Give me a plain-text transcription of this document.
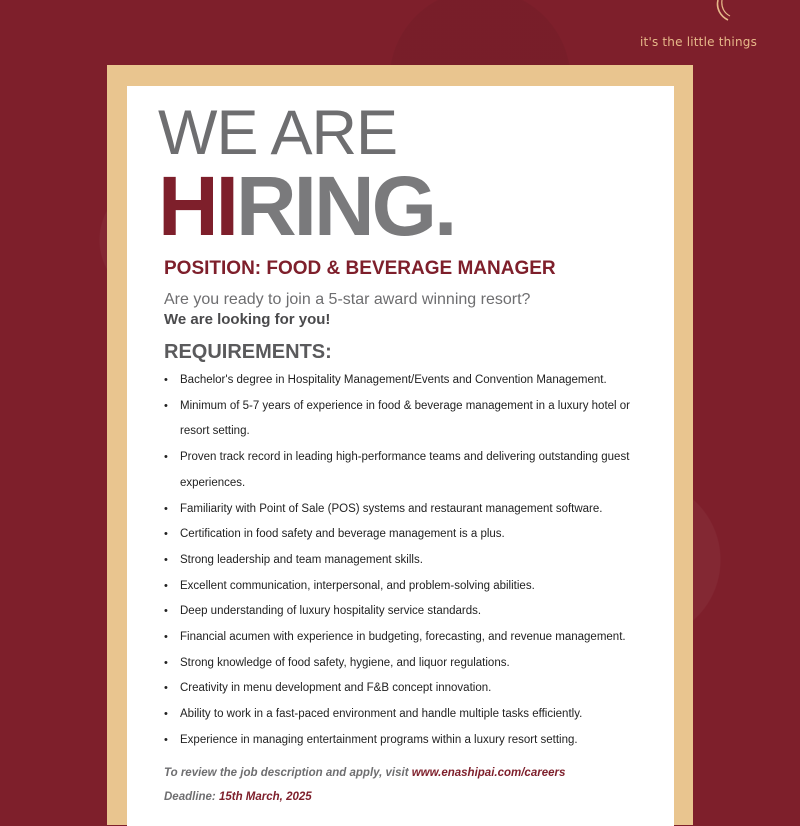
it's the little things
WE ARE
HIRING.
POSITION: FOOD & BEVERAGE MANAGER
Are you ready to join a 5-star award winning resort?
We are looking for you!
REQUIREMENTS:
• Bachelor's degree in Hospitality Management/Events and Convention Management.
• Minimum of 5-7 years of experience in food & beverage management in a luxury hotel or resort setting.
• Proven track record in leading high-performance teams and delivering outstanding guest experiences.
• Familiarity with Point of Sale (POS) systems and restaurant management software.
• Certification in food safety and beverage management is a plus.
• Strong leadership and team management skills.
• Excellent communication, interpersonal, and problem-solving abilities.
• Deep understanding of luxury hospitality service standards.
• Financial acumen with experience in budgeting, forecasting, and revenue management.
• Strong knowledge of food safety, hygiene, and liquor regulations.
• Creativity in menu development and F&B concept innovation.
• Ability to work in a fast-paced environment and handle multiple tasks efficiently.
• Experience in managing entertainment programs within a luxury resort setting.
To review the job description and apply, visit www.enashipai.com/careers
Deadline: 15th March, 2025
